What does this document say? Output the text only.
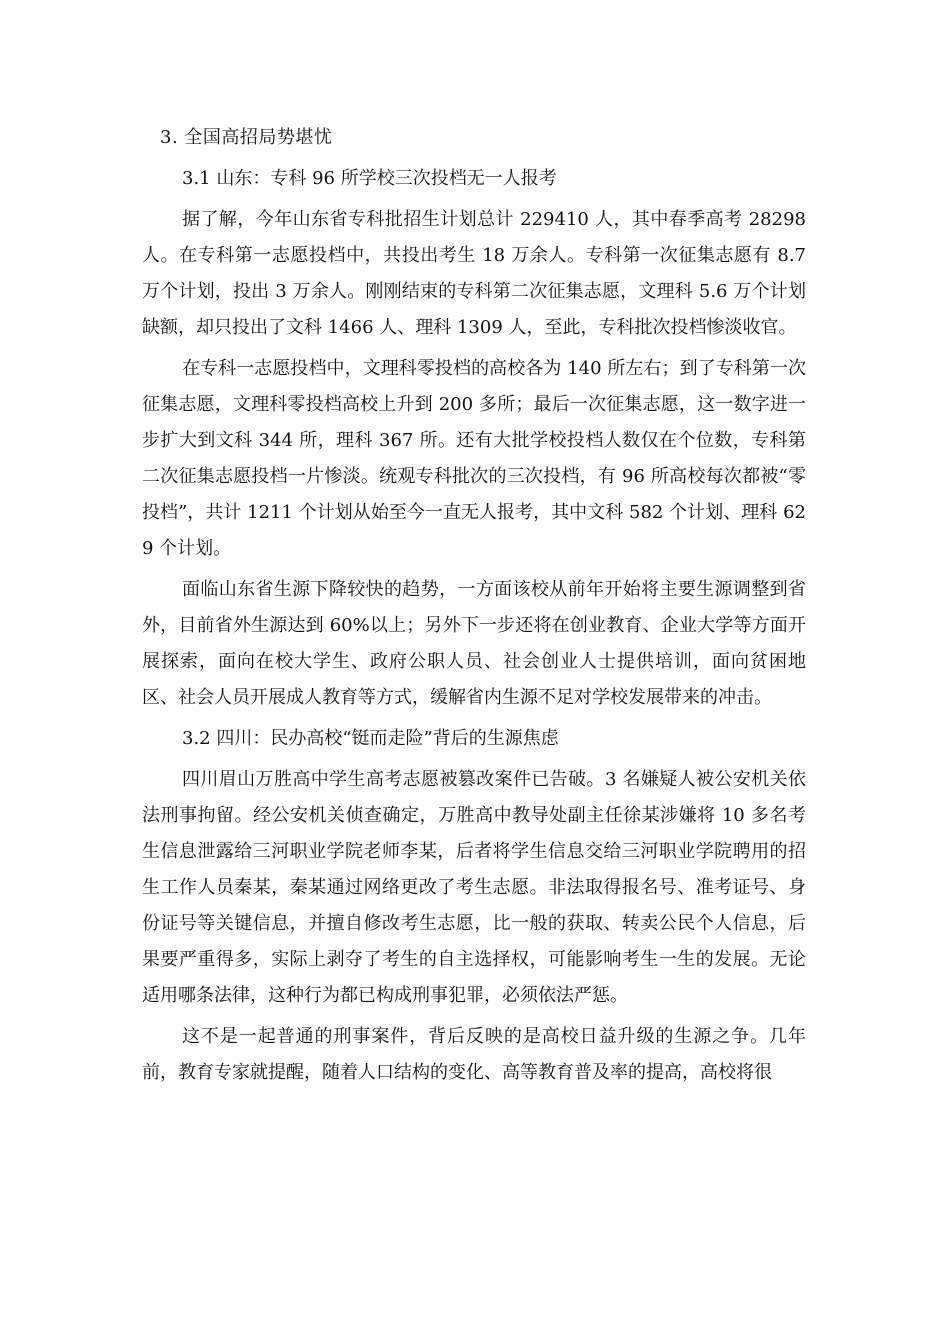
3. 全国高招局势堪忧
3.1 山东：专科 96 所学校三次投档无一人报考

据了解，今年山东省专科批招生计划总计 229410 人，其中春季高考 28298 人。在专科第一志愿投档中，共投出考生 18 万余人。专科第一次征集志愿有 8.7 万个计划，投出 3 万余人。刚刚结束的专科第二次征集志愿，文理科 5.6 万个计划缺额，却只投出了文科 1466 人、理科 1309 人，至此，专科批次投档惨淡收官。

在专科一志愿投档中，文理科零投档的高校各为 140 所左右；到了专科第一次征集志愿，文理科零投档高校上升到 200 多所；最后一次征集志愿，这一数字进一步扩大到文科 344 所，理科 367 所。还有大批学校投档人数仅在个位数，专科第二次征集志愿投档一片惨淡。统观专科批次的三次投档，有 96 所高校每次都被“零投档”，共计 1211 个计划从始至今一直无人报考，其中文科 582 个计划、理科 629 个计划。

面临山东省生源下降较快的趋势，一方面该校从前年开始将主要生源调整到省外，目前省外生源达到 60%以上；另外下一步还将在创业教育、企业大学等方面开展探索，面向在校大学生、政府公职人员、社会创业人士提供培训，面向贫困地区、社会人员开展成人教育等方式，缓解省内生源不足对学校发展带来的冲击。

3.2 四川：民办高校“铤而走险”背后的生源焦虑

四川眉山万胜高中学生高考志愿被篡改案件已告破。3 名嫌疑人被公安机关依法刑事拘留。经公安机关侦查确定，万胜高中教导处副主任徐某涉嫌将 10 多名考生信息泄露给三河职业学院老师李某，后者将学生信息交给三河职业学院聘用的招生工作人员秦某，秦某通过网络更改了考生志愿。非法取得报名号、准考证号、身份证号等关键信息，并擅自修改考生志愿，比一般的获取、转卖公民个人信息，后果要严重得多，实际上剥夺了考生的自主选择权，可能影响考生一生的发展。无论适用哪条法律，这种行为都已构成刑事犯罪，必须依法严惩。

这不是一起普通的刑事案件，背后反映的是高校日益升级的生源之争。几年前，教育专家就提醒，随着人口结构的变化、高等教育普及率的提高，高校将很
